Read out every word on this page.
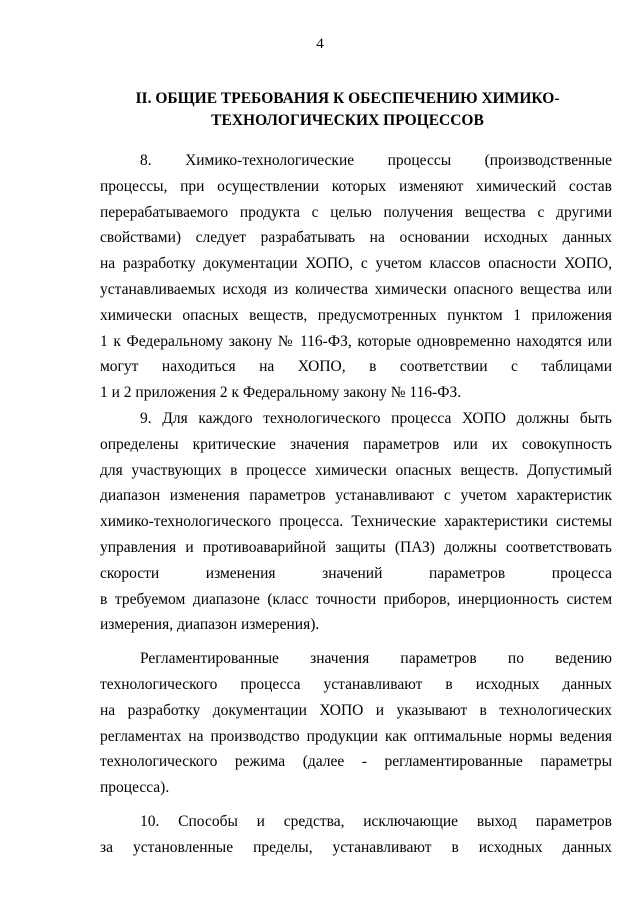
4
II. ОБЩИЕ ТРЕБОВАНИЯ К ОБЕСПЕЧЕНИЮ ХИМИКО-
ТЕХНОЛОГИЧЕСКИХ ПРОЦЕССОВ
8. Химико-технологические процессы (производственные
процессы, при осуществлении которых изменяют химический состав
перерабатываемого продукта с целью получения вещества с другими
свойствами) следует разрабатывать на основании исходных данных
на разработку документации ХОПО, с учетом классов опасности ХОПО,
устанавливаемых исходя из количества химически опасного вещества или
химически опасных веществ, предусмотренных пунктом 1 приложения
1 к Федеральному закону № 116-ФЗ, которые одновременно находятся или
могут находиться на ХОПО, в соответствии с таблицами
1 и 2 приложения 2 к Федеральному закону № 116-ФЗ.
9. Для каждого технологического процесса ХОПО должны быть
определены критические значения параметров или их совокупность
для участвующих в процессе химически опасных веществ. Допустимый
диапазон изменения параметров устанавливают с учетом характеристик
химико-технологического процесса. Технические характеристики системы
управления и противоаварийной защиты (ПАЗ) должны соответствовать
скорости изменения значений параметров процесса
в требуемом диапазоне (класс точности приборов, инерционность систем
измерения, диапазон измерения).
Регламентированные значения параметров по ведению
технологического процесса устанавливают в исходных данных
на разработку документации ХОПО и указывают в технологических
регламентах на производство продукции как оптимальные нормы ведения
технологического режима (далее - регламентированные параметры
процесса).
10. Способы и средства, исключающие выход параметров
за установленные пределы, устанавливают в исходных данных
